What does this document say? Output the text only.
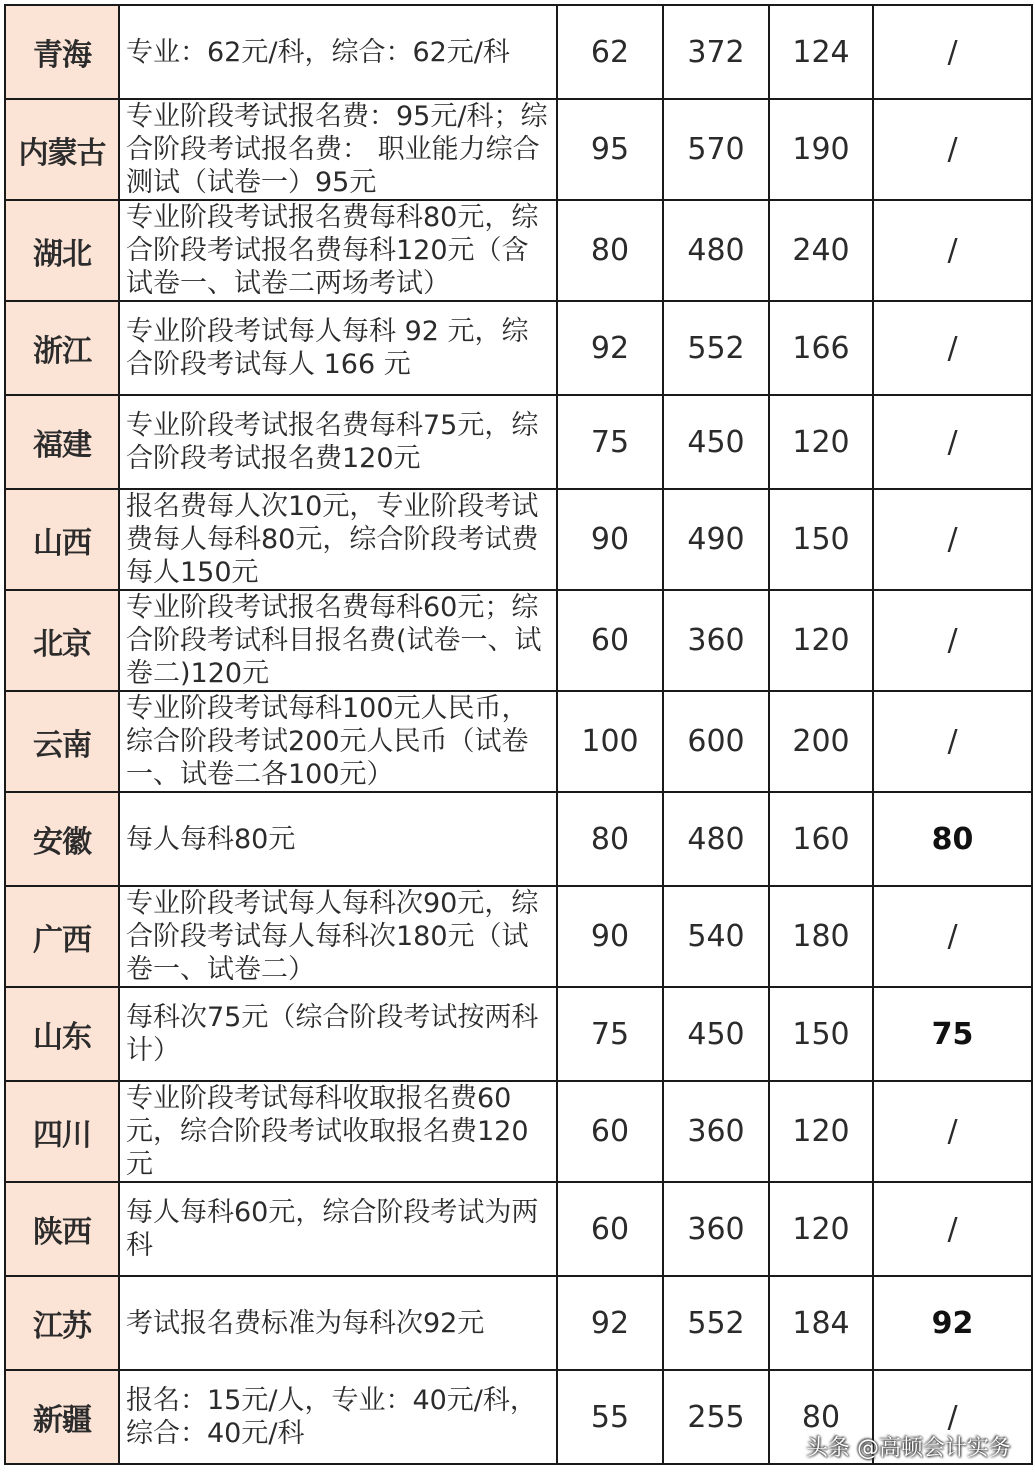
青海	专业：62元/科，综合：62元/科	62	372	124	/
内蒙古	专业阶段考试报名费：95元/科；综合阶段考试报名费： 职业能力综合测试（试卷一）95元	95	570	190	/
湖北	专业阶段考试报名费每科80元，综合阶段考试报名费每科120元（含试卷一、试卷二两场考试）	80	480	240	/
浙江	专业阶段考试每人每科 92 元，综合阶段考试每人 166 元	92	552	166	/
福建	专业阶段考试报名费每科75元，综合阶段考试报名费120元	75	450	120	/
山西	报名费每人次10元，专业阶段考试费每人每科80元，综合阶段考试费每人150元	90	490	150	/
北京	专业阶段考试报名费每科60元；综合阶段考试科目报名费(试卷一、试卷二)120元	60	360	120	/
云南	专业阶段考试每科100元人民币，综合阶段考试200元人民币（试卷一、试卷二各100元）	100	600	200	/
安徽	每人每科80元	80	480	160	80
广西	专业阶段考试每人每科次90元，综合阶段考试每人每科次180元（试卷一、试卷二）	90	540	180	/
山东	每科次75元（综合阶段考试按两科计）	75	450	150	75
四川	专业阶段考试每科收取报名费60元，综合阶段考试收取报名费120元	60	360	120	/
陕西	每人每科60元，综合阶段考试为两科	60	360	120	/
江苏	考试报名费标准为每科次92元	92	552	184	92
新疆	报名：15元/人，专业：40元/科，综合：40元/科	55	255	80	/
头条 @高顿会计实务
